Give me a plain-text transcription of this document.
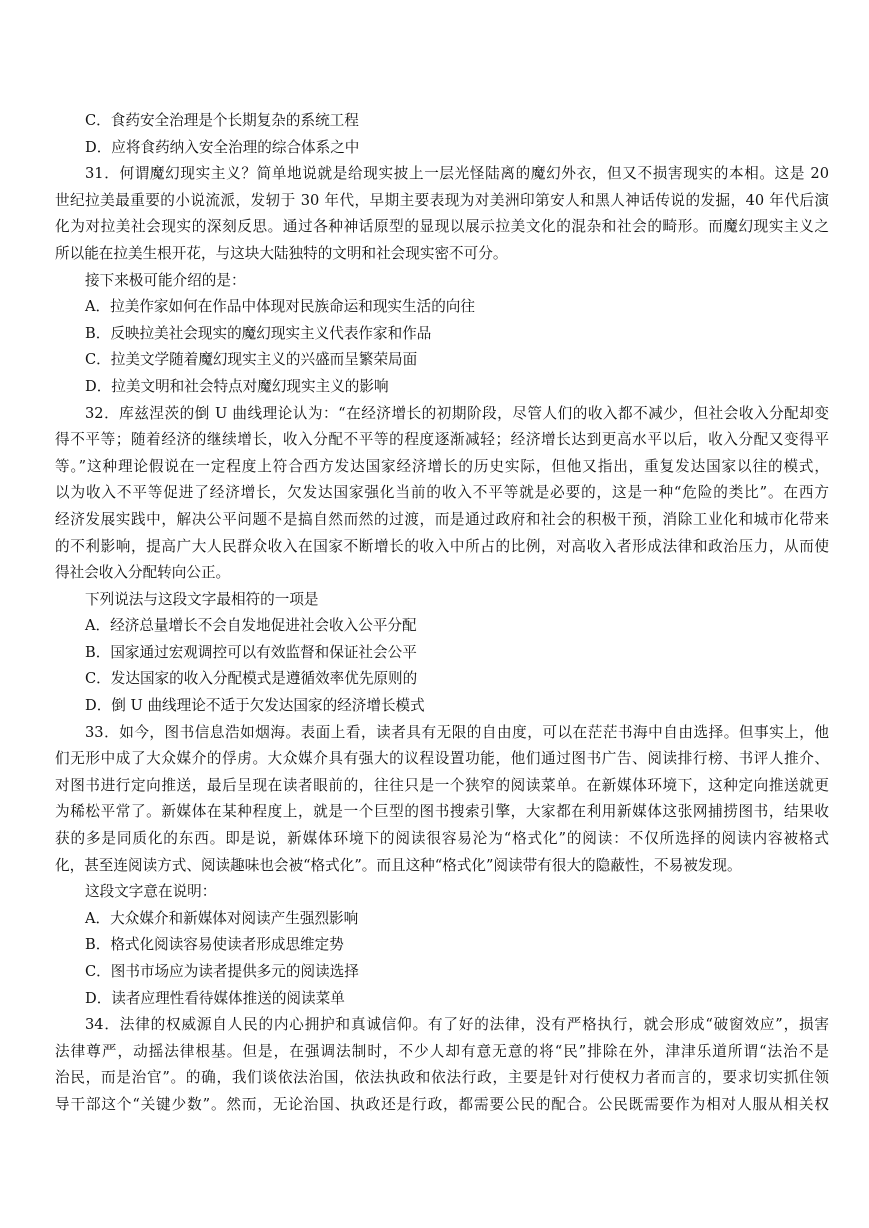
C．食药安全治理是个长期复杂的系统工程
D．应将食药纳入安全治理的综合体系之中
31．何谓魔幻现实主义？简单地说就是给现实披上一层光怪陆离的魔幻外衣，但又不损害现实的本相。这是 20
世纪拉美最重要的小说流派，发轫于 30 年代，早期主要表现为对美洲印第安人和黑人神话传说的发掘，40 年代后演
化为对拉美社会现实的深刻反思。通过各种神话原型的显现以展示拉美文化的混杂和社会的畸形。而魔幻现实主义之
所以能在拉美生根开花，与这块大陆独特的文明和社会现实密不可分。
接下来极可能介绍的是：
A．拉美作家如何在作品中体现对民族命运和现实生活的向往
B．反映拉美社会现实的魔幻现实主义代表作家和作品
C．拉美文学随着魔幻现实主义的兴盛而呈繁荣局面
D．拉美文明和社会特点对魔幻现实主义的影响
32．库兹涅茨的倒 U 曲线理论认为：“在经济增长的初期阶段，尽管人们的收入都不减少，但社会收入分配却变
得不平等；随着经济的继续增长，收入分配不平等的程度逐渐减轻；经济增长达到更高水平以后，收入分配又变得平
等。”这种理论假说在一定程度上符合西方发达国家经济增长的历史实际，但他又指出，重复发达国家以往的模式，
以为收入不平等促进了经济增长，欠发达国家强化当前的收入不平等就是必要的，这是一种“危险的类比”。在西方
经济发展实践中，解决公平问题不是搞自然而然的过渡，而是通过政府和社会的积极干预，消除工业化和城市化带来
的不利影响，提高广大人民群众收入在国家不断增长的收入中所占的比例，对高收入者形成法律和政治压力，从而使
得社会收入分配转向公正。
下列说法与这段文字最相符的一项是
A．经济总量增长不会自发地促进社会收入公平分配
B．国家通过宏观调控可以有效监督和保证社会公平
C．发达国家的收入分配模式是遵循效率优先原则的
D．倒 U 曲线理论不适于欠发达国家的经济增长模式
33．如今，图书信息浩如烟海。表面上看，读者具有无限的自由度，可以在茫茫书海中自由选择。但事实上，他
们无形中成了大众媒介的俘虏。大众媒介具有强大的议程设置功能，他们通过图书广告、阅读排行榜、书评人推介、
对图书进行定向推送，最后呈现在读者眼前的，往往只是一个狭窄的阅读菜单。在新媒体环境下，这种定向推送就更
为稀松平常了。新媒体在某种程度上，就是一个巨型的图书搜索引擎，大家都在利用新媒体这张网捕捞图书，结果收
获的多是同质化的东西。即是说，新媒体环境下的阅读很容易沦为“格式化”的阅读：不仅所选择的阅读内容被格式
化，甚至连阅读方式、阅读趣味也会被“格式化”。而且这种“格式化”阅读带有很大的隐蔽性，不易被发现。
这段文字意在说明：
A．大众媒介和新媒体对阅读产生强烈影响
B．格式化阅读容易使读者形成思维定势
C．图书市场应为读者提供多元的阅读选择
D．读者应理性看待媒体推送的阅读菜单
34．法律的权威源自人民的内心拥护和真诚信仰。有了好的法律，没有严格执行，就会形成“破窗效应”，损害
法律尊严，动摇法律根基。但是，在强调法制时，不少人却有意无意的将“民”排除在外，津津乐道所谓“法治不是
治民，而是治官”。的确，我们谈依法治国，依法执政和依法行政，主要是针对行使权力者而言的，要求切实抓住领
导干部这个“关键少数”。然而，无论治国、执政还是行政，都需要公民的配合。公民既需要作为相对人服从相关权
